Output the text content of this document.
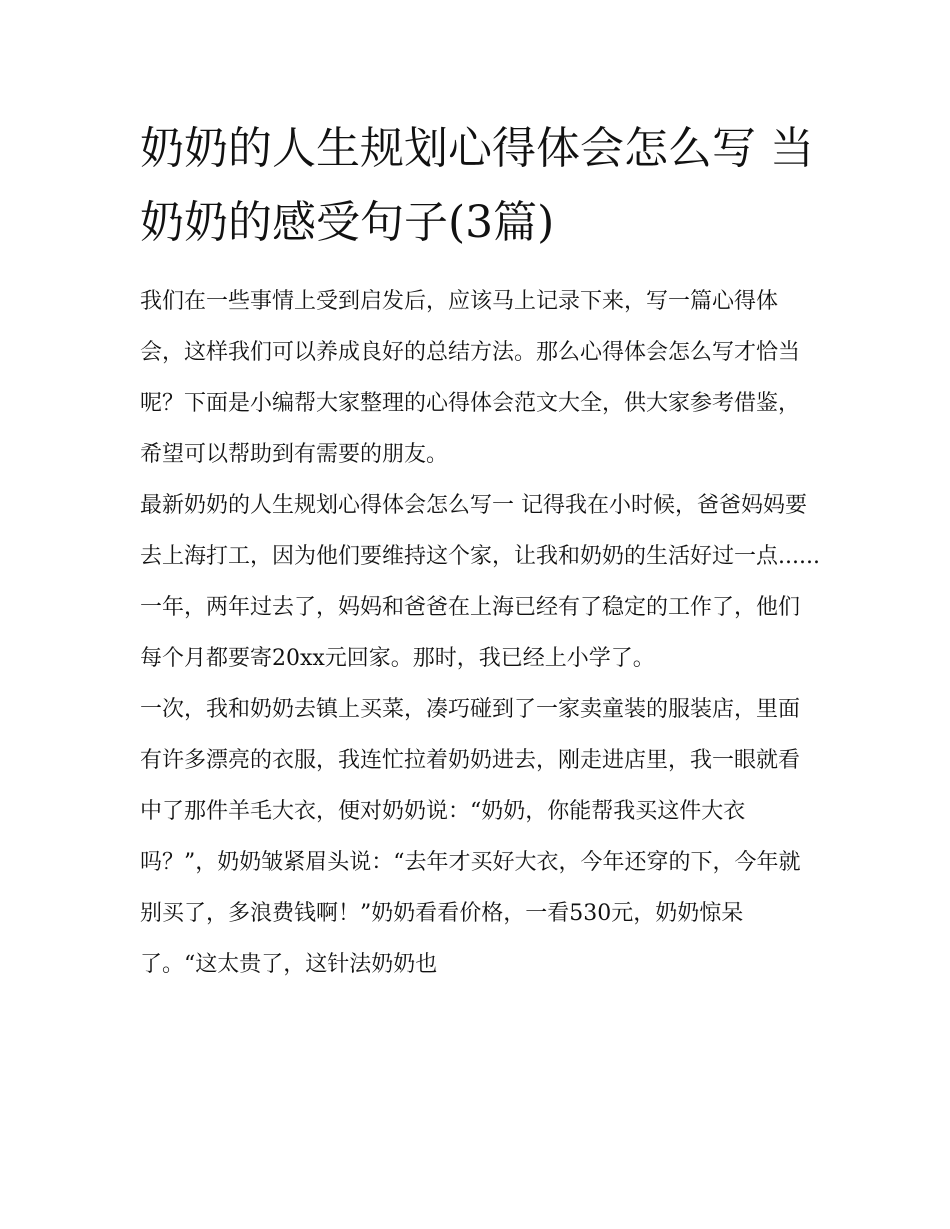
奶奶的人生规划心得体会怎么写 当奶奶的感受句子(3篇)

我们在一些事情上受到启发后，应该马上记录下来，写一篇心得体会，这样我们可以养成良好的总结方法。那么心得体会怎么写才恰当呢？下面是小编帮大家整理的心得体会范文大全，供大家参考借鉴，希望可以帮助到有需要的朋友。

最新奶奶的人生规划心得体会怎么写一 记得我在小时候，爸爸妈妈要去上海打工，因为他们要维持这个家，让我和奶奶的生活好过一点......

一年，两年过去了，妈妈和爸爸在上海已经有了稳定的工作了，他们每个月都要寄20xx元回家。那时，我已经上小学了。

一次，我和奶奶去镇上买菜，凑巧碰到了一家卖童装的服装店，里面有许多漂亮的衣服，我连忙拉着奶奶进去，刚走进店里，我一眼就看中了那件羊毛大衣，便对奶奶说：“奶奶，你能帮我买这件大衣吗？”，奶奶皱紧眉头说：“去年才买好大衣，今年还穿的下，今年就别买了，多浪费钱啊！”奶奶看看价格，一看530元，奶奶惊呆了。“这太贵了，这针法奶奶也
